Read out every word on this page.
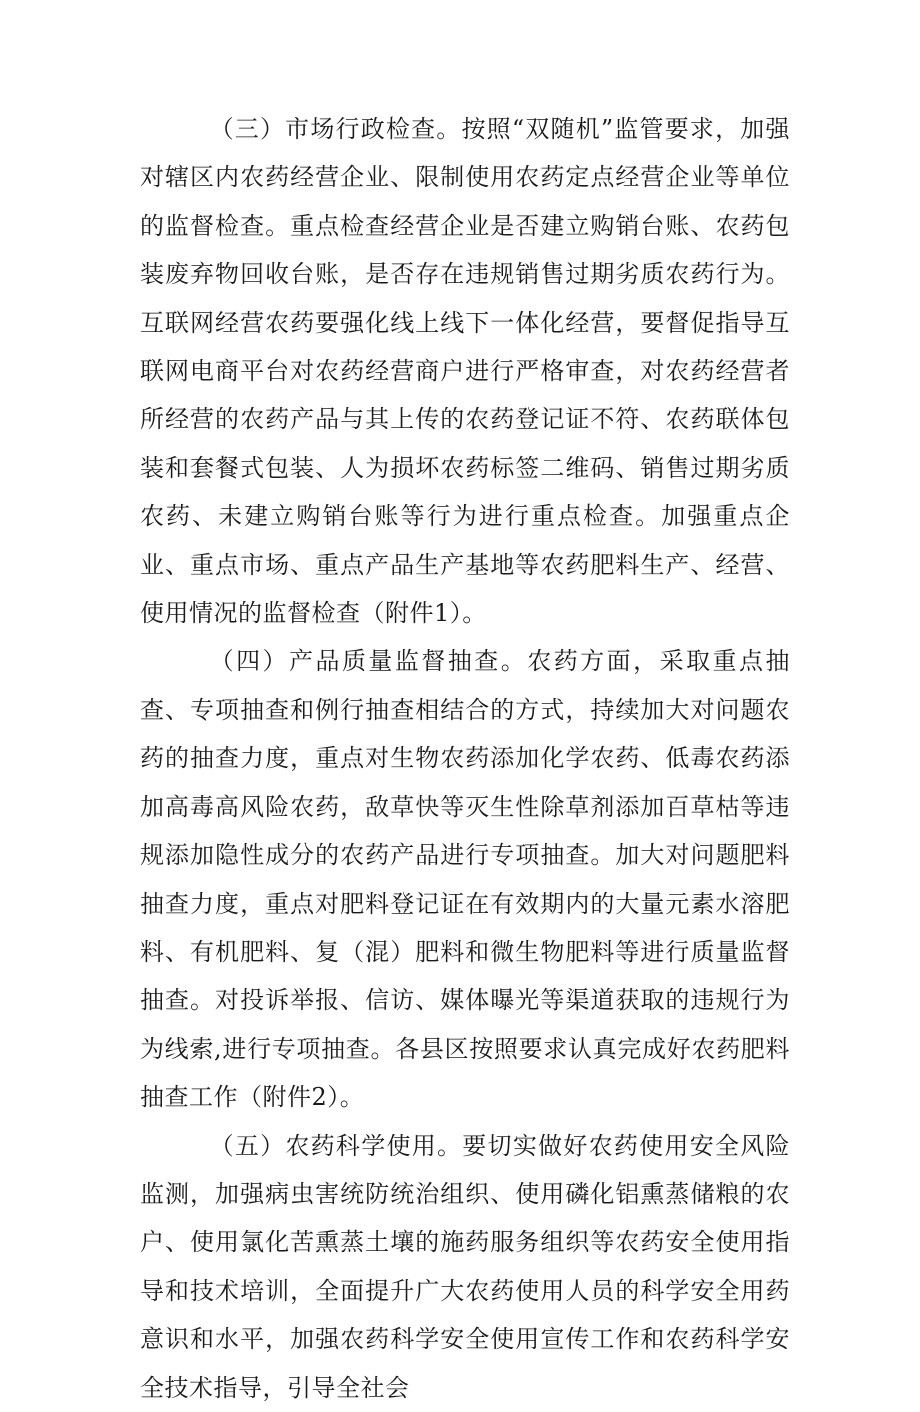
（三）市场行政检查。按照“双随机”监管要求，加强对辖区内农药经营企业、限制使用农药定点经营企业等单位的监督检查。重点检查经营企业是否建立购销台账、农药包装废弃物回收台账，是否存在违规销售过期劣质农药行为。互联网经营农药要强化线上线下一体化经营，要督促指导互联网电商平台对农药经营商户进行严格审查，对农药经营者所经营的农药产品与其上传的农药登记证不符、农药联体包装和套餐式包装、人为损坏农药标签二维码、销售过期劣质农药、未建立购销台账等行为进行重点检查。加强重点企业、重点市场、重点产品生产基地等农药肥料生产、经营、使用情况的监督检查（附件1）。

（四）产品质量监督抽查。农药方面，采取重点抽查、专项抽查和例行抽查相结合的方式，持续加大对问题农药的抽查力度，重点对生物农药添加化学农药、低毒农药添加高毒高风险农药，敌草快等灭生性除草剂添加百草枯等违规添加隐性成分的农药产品进行专项抽查。加大对问题肥料抽查力度，重点对肥料登记证在有效期内的大量元素水溶肥料、有机肥料、复（混）肥料和微生物肥料等进行质量监督抽查。对投诉举报、信访、媒体曝光等渠道获取的违规行为为线索,进行专项抽查。各县区按照要求认真完成好农药肥料抽查工作（附件2）。

（五）农药科学使用。要切实做好农药使用安全风险监测，加强病虫害统防统治组织、使用磷化铝熏蒸储粮的农户、使用氯化苦熏蒸土壤的施药服务组织等农药安全使用指导和技术培训，全面提升广大农药使用人员的科学安全用药意识和水平，加强农药科学安全使用宣传工作和农药科学安全技术指导，引导全社会
